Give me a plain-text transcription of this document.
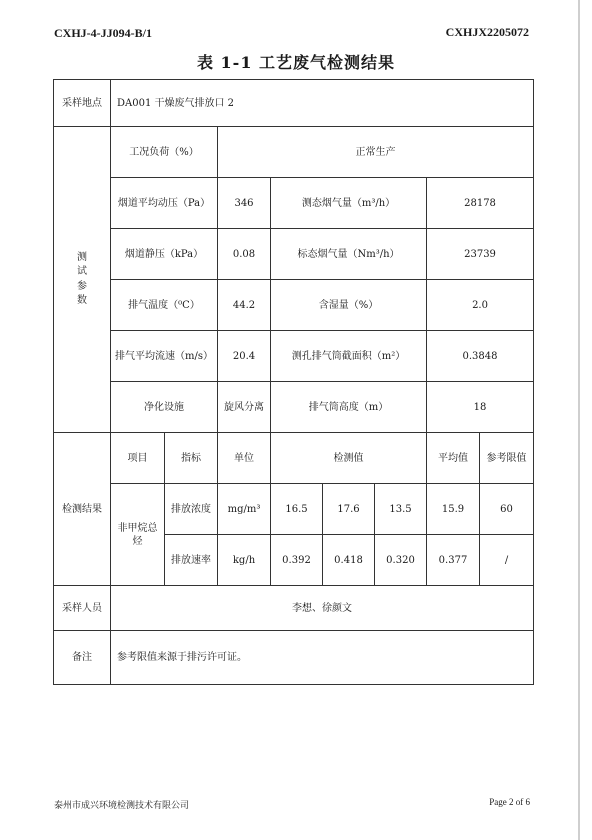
CXHJ-4-JJ094-B/1	CXHJX2205072
表 1-1 工艺废气检测结果
采样地点	DA001 干燥废气排放口 2							
测试参数	工况负荷（%）		正常生产					
	烟道平均动压（Pa）		346	测态烟气量（m³/h）			28178	
	烟道静压（kPa）		0.08	标态烟气量（Nm³/h）			23739	
	排气温度（⁰C）		44.2	含湿量（%）			2.0	
	排气平均流速（m/s）		20.4	测孔排气筒截面积（m²）			0.3848	
	净化设施		旋风分离	排气筒高度（m）			18	
检测结果	项目	指标	单位	检测值			平均值	参考限值
	非甲烷总烃	排放浓度	mg/m³	16.5	17.6	13.5	15.9	60
		排放速率	kg/h	0.392	0.418	0.320	0.377	/
采样人员	李想、徐颜文							
备注	参考限值来源于排污许可证。							
泰州市成兴环境检测技术有限公司	Page 2 of 6
